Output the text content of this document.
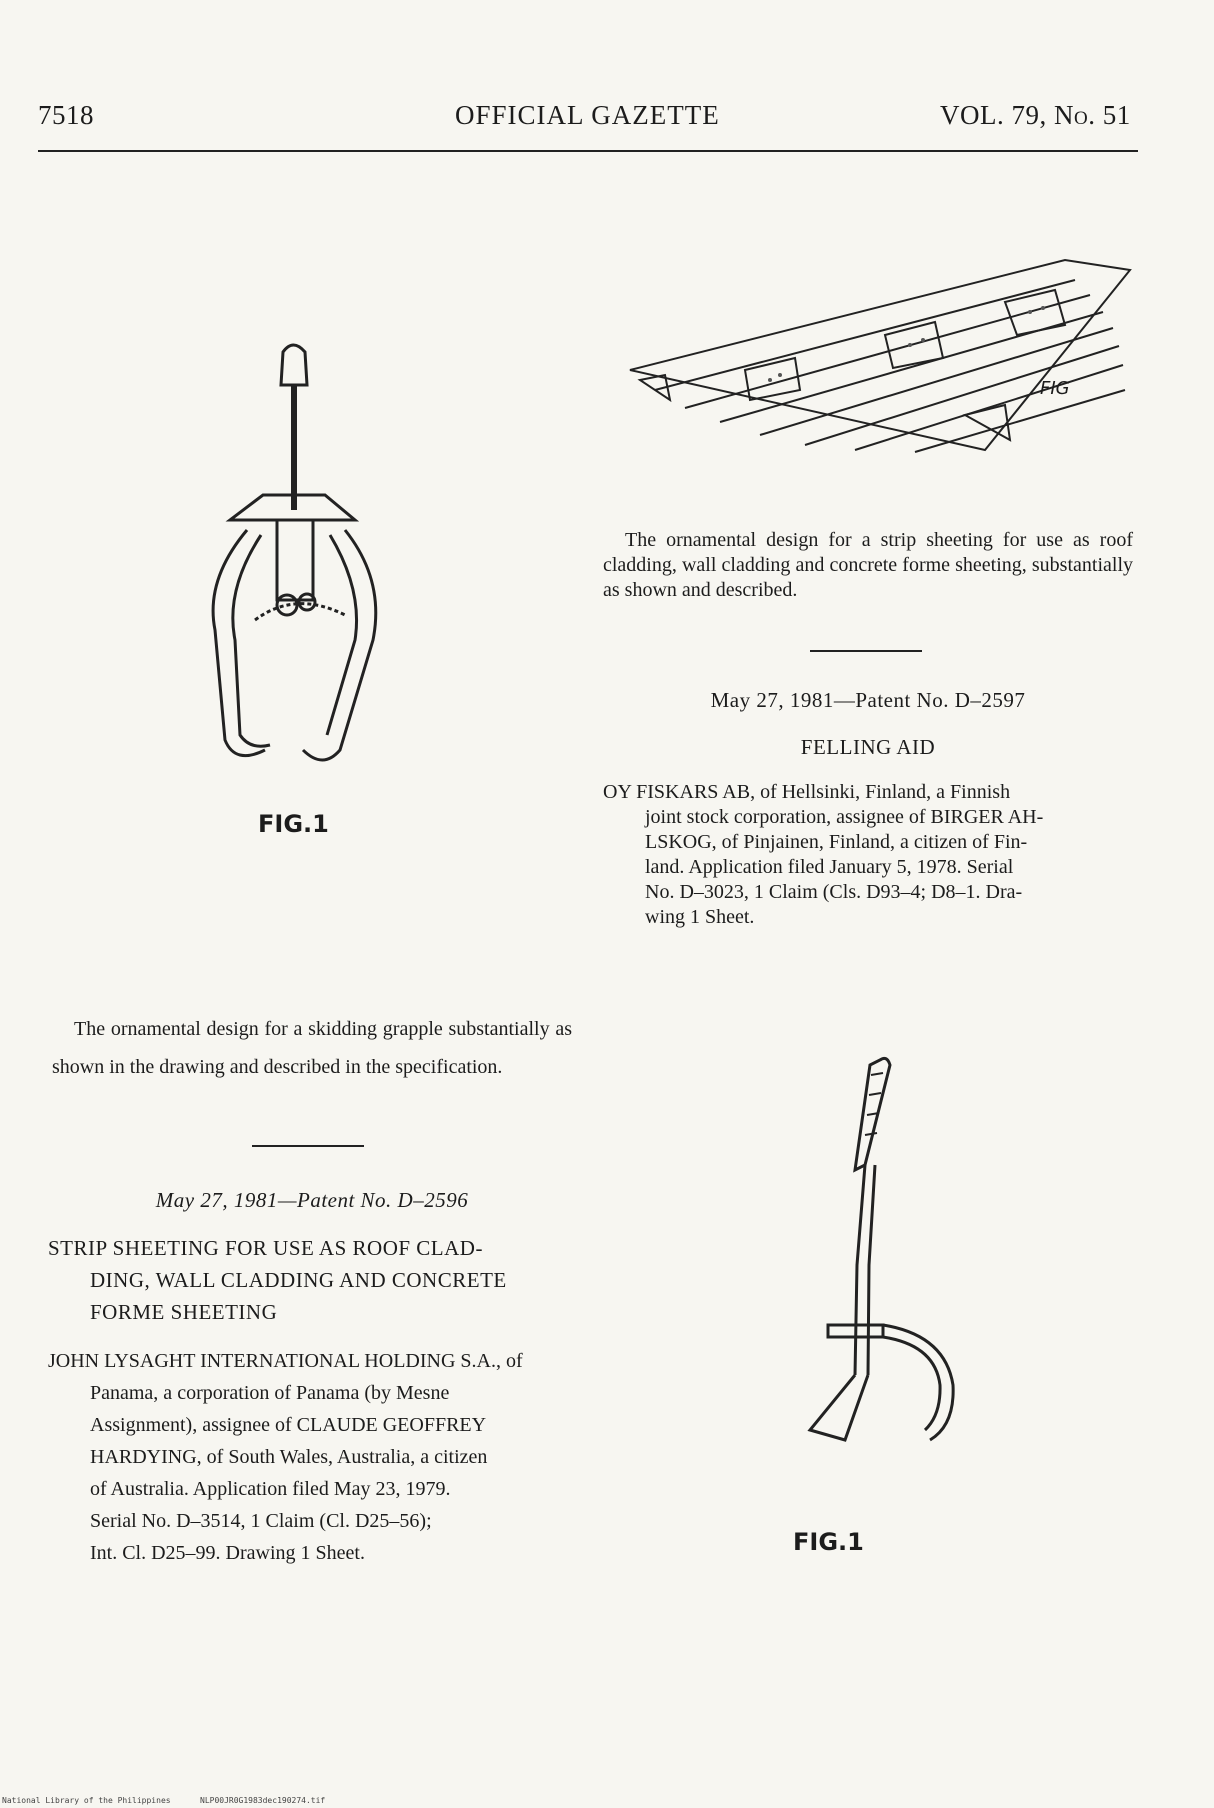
7518	OFFICIAL GAZETTE	VOL. 79, No. 51
FIG.1
FIG
The ornamental design for a strip sheeting for use as roof cladding, wall cladding and concrete forme sheeting, substantially as shown and described.
May 27, 1981—Patent No. D–2597
FELLING AID
OY FISKARS AB, of Hellsinki, Finland, a Finnish
joint stock corporation, assignee of BIRGER AH-
LSKOG, of Pinjainen, Finland, a citizen of Fin-
land. Application filed January 5, 1978. Serial
No. D–3023, 1 Claim (Cls. D93–4; D8–1. Dra-
wing 1 Sheet.
The ornamental design for a skidding grapple substantially as shown in the drawing and described in the specification.
May 27, 1981—Patent No. D–2596
STRIP SHEETING FOR USE AS ROOF CLAD-
DING, WALL CLADDING AND CONCRETE
FORME SHEETING
JOHN LYSAGHT INTERNATIONAL HOLDING S.A., of
Panama, a corporation of Panama (by Mesne
Assignment), assignee of CLAUDE GEOFFREY
HARDYING, of South Wales, Australia, a citizen
of Australia. Application filed May 23, 1979.
Serial No. D–3514, 1 Claim (Cl. D25–56);
Int. Cl. D25–99. Drawing 1 Sheet.	FIG.1
National Library of the Philippines	NLP00JR0G1983dec190274.tif
